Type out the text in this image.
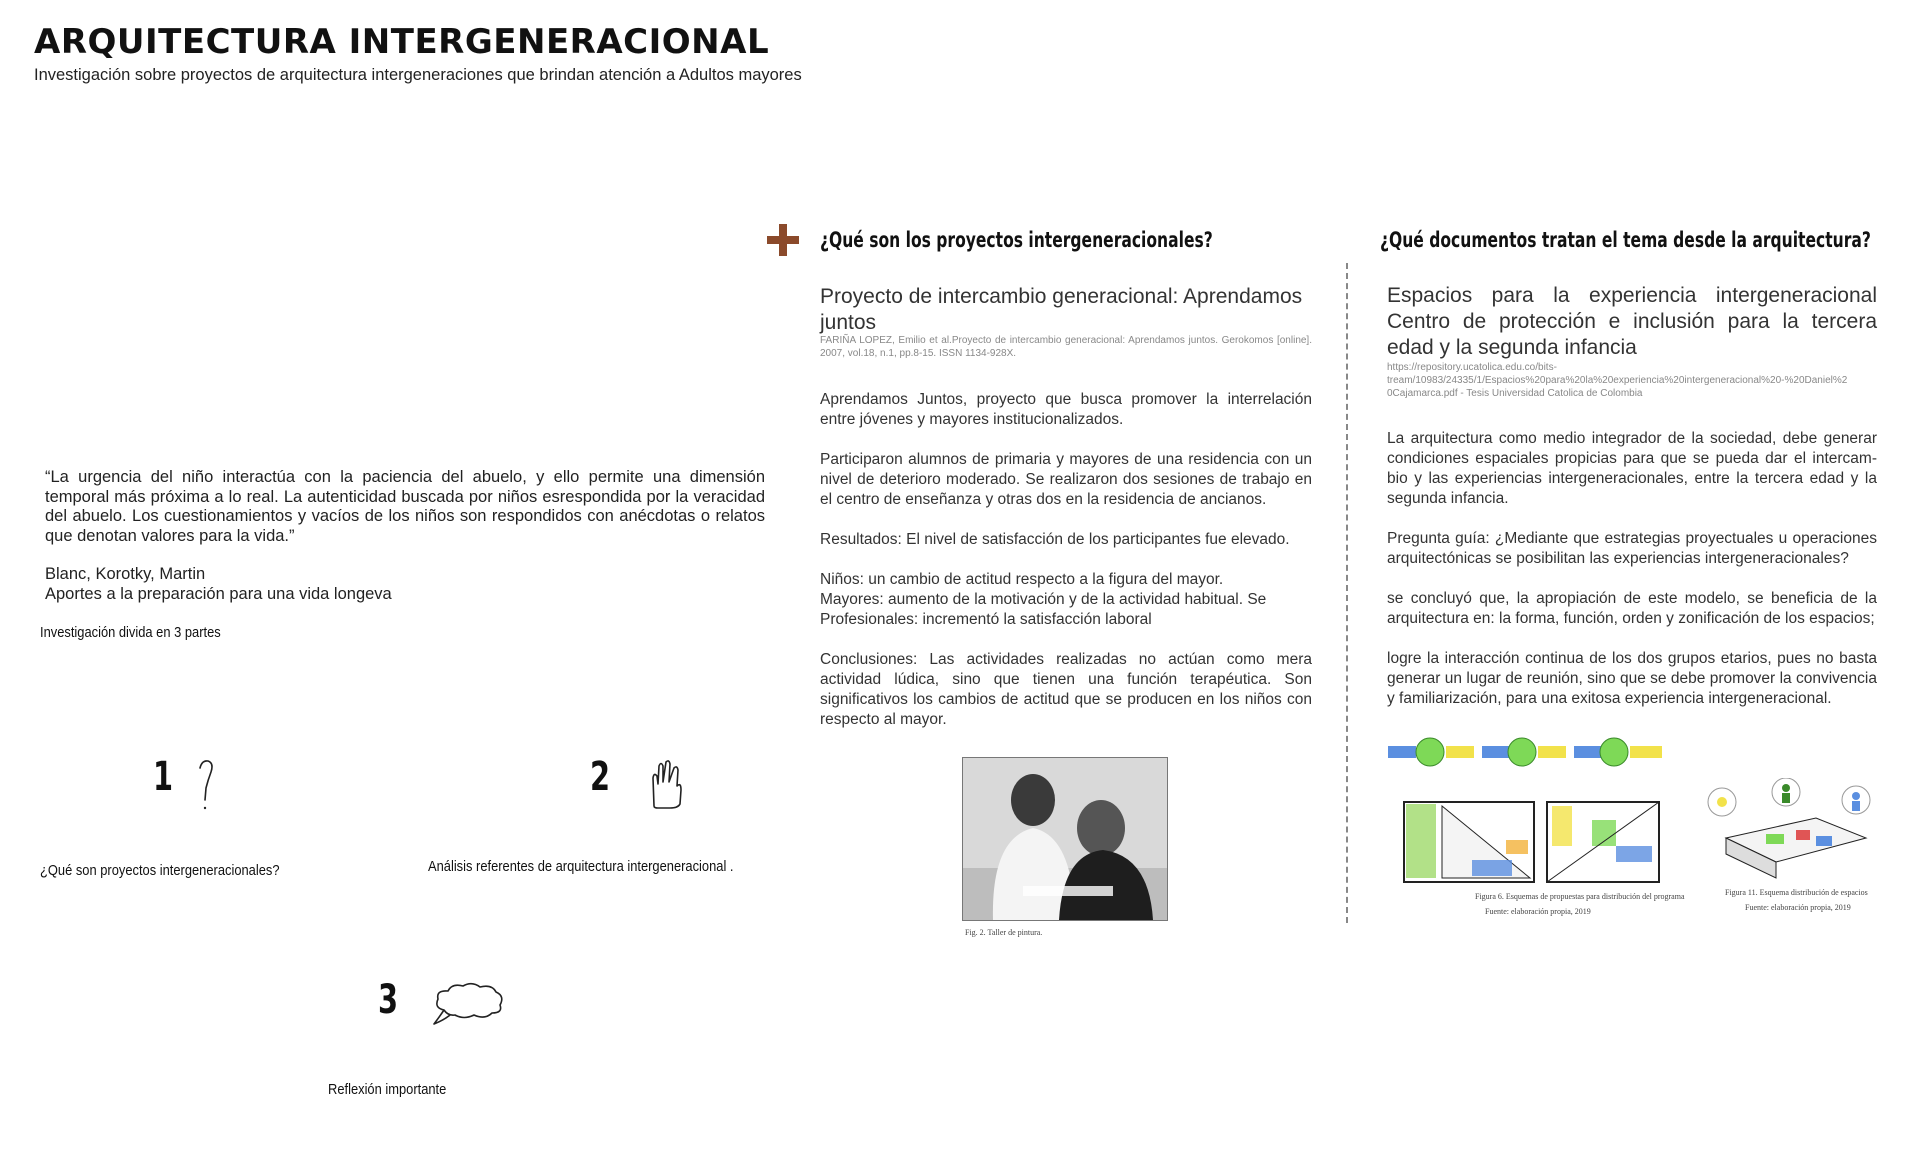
ARQUITECTURA INTERGENERACIONAL
Investigación sobre proyectos de arquitectura intergeneraciones que brindan atención a Adultos mayores
“La urgencia del niño interactúa con la paciencia del abuelo, y ello permite una dimensión temporal más próxima a lo real. La autenticidad buscada por niños esrespondida por la veracidad del abuelo. Los cuestionamientos y vacíos de los niños son respondidos con anécdotas o relatos que denotan valores para la vida.”
Blanc, Korotky, Martin
Aportes a la preparación para una vida longeva
Investigación divida en 3 partes
1
¿Qué son proyectos intergeneracionales?
2
Análisis referentes de arquitectura intergeneracional .
3
Reflexión importante
¿Qué son los proyectos intergeneracionales?
Proyecto de intercambio generacional: Aprendamos juntos
FARIÑA LOPEZ, Emilio et al.Proyecto de intercambio generacional: Aprendamos juntos. Gerokomos [online]. 2007, vol.18, n.1, pp.8-15. ISSN 1134-928X.

Aprendamos Juntos, proyecto que busca promover la interrelación entre jóvenes y mayores institucionalizados.

Participaron alumnos de primaria y mayores de una residencia con un nivel de deterioro moderado. Se realizaron dos sesiones de trabajo en el centro de enseñanza y otras dos en la residencia de ancianos.

Resultados: El nivel de satisfacción de los participantes fue elevado.

Niños: un cambio de actitud respecto a la figura del mayor.
Mayores: aumento de la motivación y de la actividad habitual. Se

Profesionales: incrementó la satisfacción laboral

Conclusiones: Las actividades realizadas no actúan como mera actividad lúdica, sino que tienen una función terapéutica. Son significativos los cambios de actitud que se producen en los niños con respecto al mayor.

Fig. 2. Taller de pintura.
¿Qué documentos tratan el tema desde la arquitectura?
Espacios para la experiencia intergeneracional Centro de protección e inclusión para la tercera edad y la segunda infancia
https://repository.ucatolica.edu.co/bits-
tream/10983/24335/1/Espacios%20para%20la%20experiencia%20intergeneracional%20-%20Daniel%2
0Cajamarca.pdf - Tesis Universidad Catolica de Colombia

La arquitectura como medio integrador de la sociedad, debe generar condiciones espaciales propicias para que se pueda dar el intercam-bio y las experiencias intergeneracionales, entre la tercera edad y la segunda infancia.

Pregunta guía: ¿Mediante que estrategias proyectuales u operaciones arquitectónicas se posibilitan las experiencias intergeneracionales?

se concluyó que, la apropiación de este modelo, se beneficia de la arquitectura en: la forma, función, orden y zonificación de los espacios;

logre la interacción continua de los dos grupos etarios, pues no basta generar un lugar de reunión, sino que se debe promover la convivencia y familiarización, para una exitosa experiencia intergeneracional.

Figura 6. Esquemas de propuestas para distribución del programa
Fuente: elaboración propia, 2019
Figura 11. Esquema distribución de espacios
Fuente: elaboración propia, 2019
